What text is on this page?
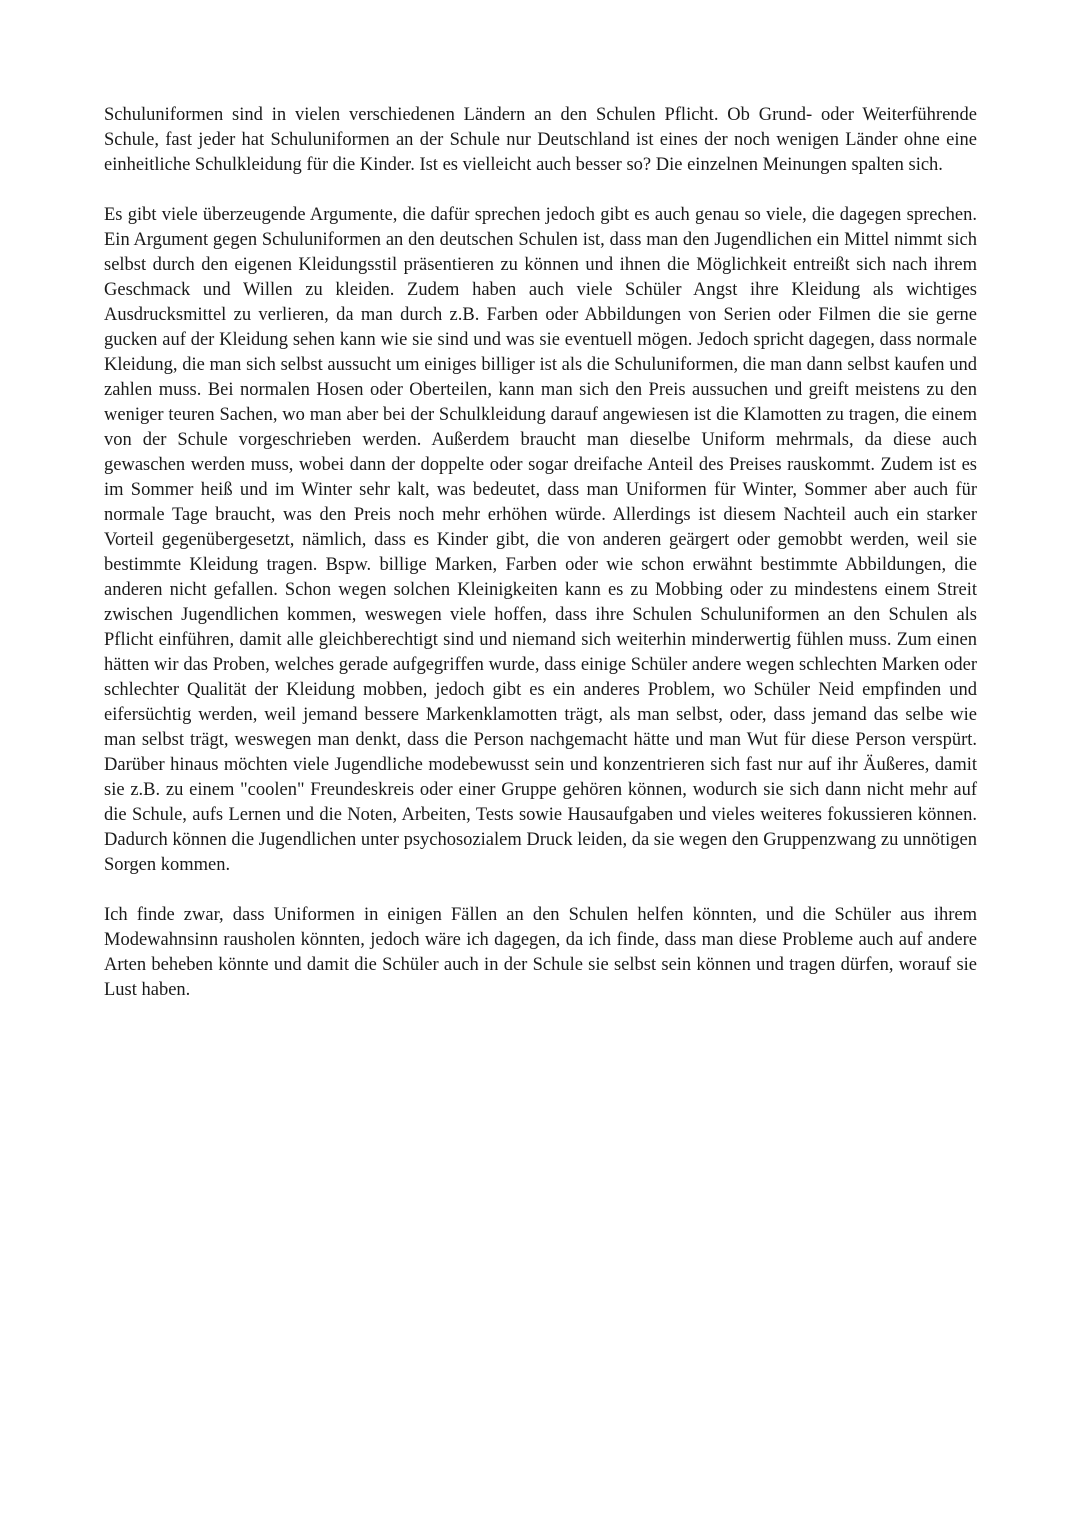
Schuluniformen sind in vielen verschiedenen Ländern an den Schulen Pflicht. Ob Grund- oder Weiterführende Schule, fast jeder hat Schuluniformen an der Schule nur Deutschland ist eines der noch wenigen Länder ohne eine einheitliche Schulkleidung für die Kinder. Ist es vielleicht auch besser so? Die einzelnen Meinungen spalten sich.

Es gibt viele überzeugende Argumente, die dafür sprechen jedoch gibt es auch genau so viele, die dagegen sprechen. Ein Argument gegen Schuluniformen an den deutschen Schulen ist, dass man den Jugendlichen ein Mittel nimmt sich selbst durch den eigenen Kleidungsstil präsentieren zu können und ihnen die Möglichkeit entreißt sich nach ihrem Geschmack und Willen zu kleiden. Zudem haben auch viele Schüler Angst ihre Kleidung als wichtiges Ausdrucksmittel zu verlieren, da man durch z.B. Farben oder Abbildungen von Serien oder Filmen die sie gerne gucken auf der Kleidung sehen kann wie sie sind und was sie eventuell mögen. Jedoch spricht dagegen, dass normale Kleidung, die man sich selbst aussucht um einiges billiger ist als die Schuluniformen, die man dann selbst kaufen und zahlen muss. Bei normalen Hosen oder Oberteilen, kann man sich den Preis aussuchen und greift meistens zu den weniger teuren Sachen, wo man aber bei der Schulkleidung darauf angewiesen ist die Klamotten zu tragen, die einem von der Schule vorgeschrieben werden. Außerdem braucht man dieselbe Uniform mehrmals, da diese auch gewaschen werden muss, wobei dann der doppelte oder sogar dreifache Anteil des Preises rauskommt. Zudem ist es im Sommer heiß und im Winter sehr kalt, was bedeutet, dass man Uniformen für Winter, Sommer aber auch für normale Tage braucht, was den Preis noch mehr erhöhen würde. Allerdings ist diesem Nachteil auch ein starker Vorteil gegenübergesetzt, nämlich, dass es Kinder gibt, die von anderen geärgert oder gemobbt werden, weil sie bestimmte Kleidung tragen. Bspw. billige Marken, Farben oder wie schon erwähnt bestimmte Abbildungen, die anderen nicht gefallen. Schon wegen solchen Kleinigkeiten kann es zu Mobbing oder zu mindestens einem Streit zwischen Jugendlichen kommen, weswegen viele hoffen, dass ihre Schulen Schuluniformen an den Schulen als Pflicht einführen, damit alle gleichberechtigt sind und niemand sich weiterhin minderwertig fühlen muss. Zum einen hätten wir das Proben, welches gerade aufgegriffen wurde, dass einige Schüler andere wegen schlechten Marken oder schlechter Qualität der Kleidung mobben, jedoch gibt es ein anderes Problem, wo Schüler Neid empfinden und eifersüchtig werden, weil jemand bessere Markenklamotten trägt, als man selbst, oder, dass jemand das selbe wie man selbst trägt, weswegen man denkt, dass die Person nachgemacht hätte und man Wut für diese Person verspürt. Darüber hinaus möchten viele Jugendliche modebewusst sein und konzentrieren sich fast nur auf ihr Äußeres, damit sie z.B. zu einem "coolen" Freundeskreis oder einer Gruppe gehören können, wodurch sie sich dann nicht mehr auf die Schule, aufs Lernen und die Noten, Arbeiten, Tests sowie Hausaufgaben und vieles weiteres fokussieren können. Dadurch können die Jugendlichen unter psychosozialem Druck leiden, da sie wegen den Gruppenzwang zu unnötigen Sorgen kommen.

Ich finde zwar, dass Uniformen in einigen Fällen an den Schulen helfen könnten, und die Schüler aus ihrem Modewahnsinn rausholen könnten, jedoch wäre ich dagegen, da ich finde, dass man diese Probleme auch auf andere Arten beheben könnte und damit die Schüler auch in der Schule sie selbst sein können und tragen dürfen, worauf sie Lust haben.
